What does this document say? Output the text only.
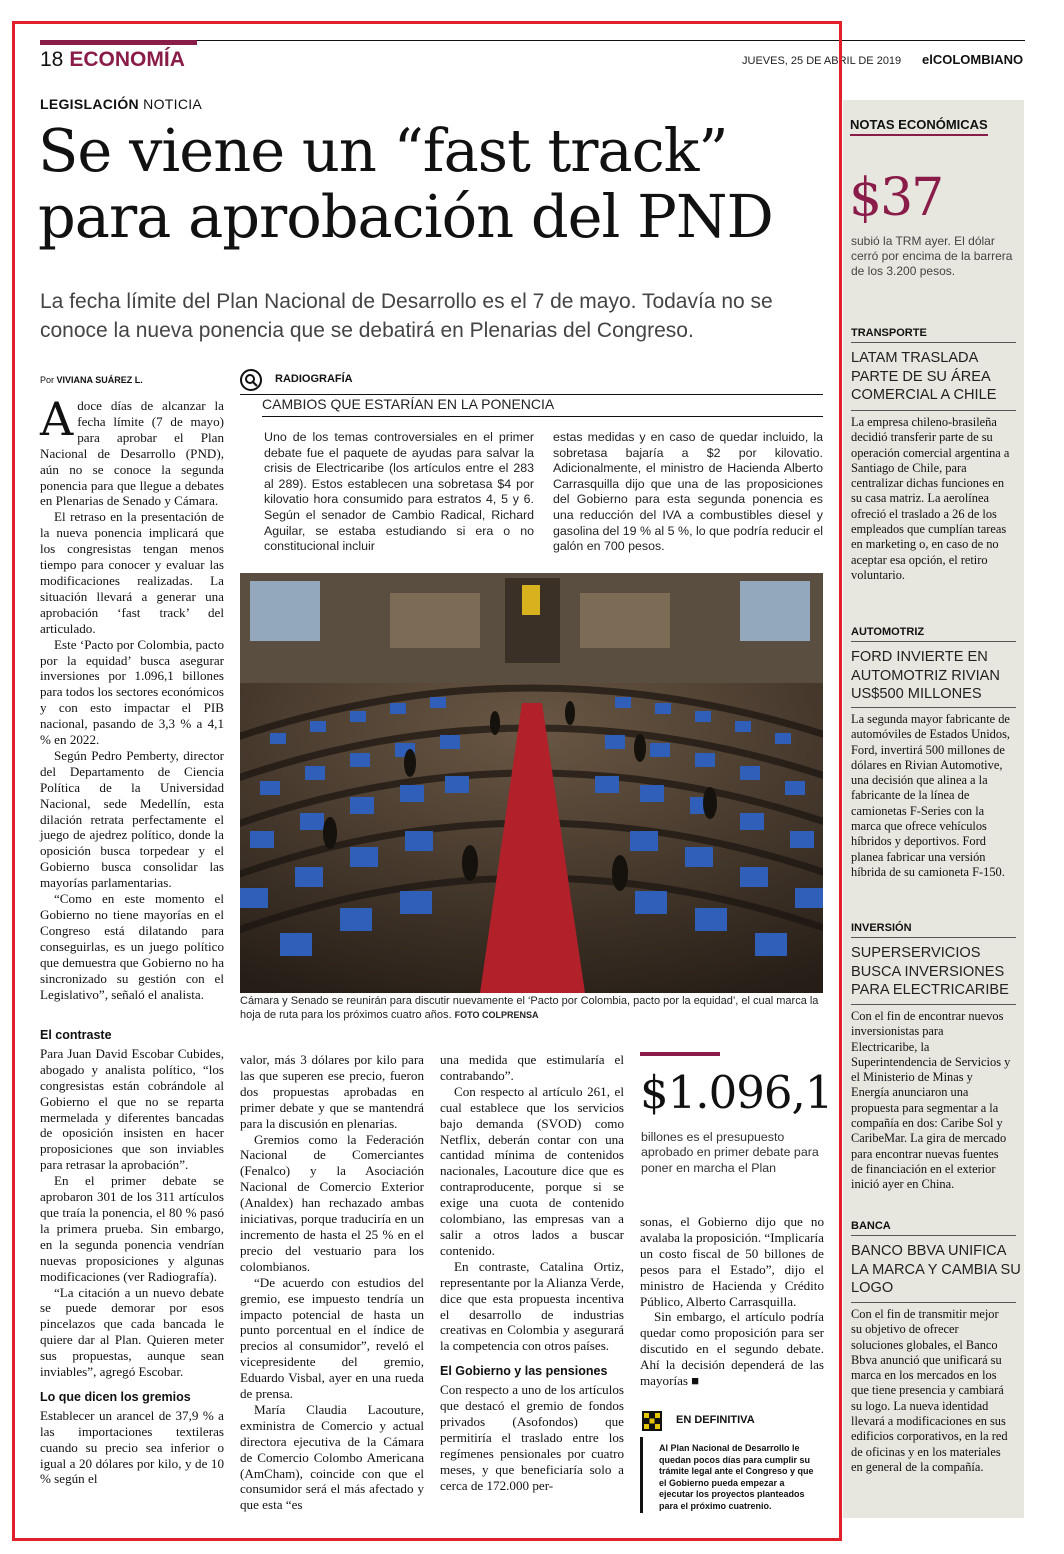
18 ECONOMÍA	JUEVES, 25 DE ABRIL DE 2019 elCOLOMBIANO
LEGISLACIÓN NOTICIA
Se viene un “fast track”
para aprobación del PND
La fecha límite del Plan Nacional de Desarrollo es el 7 de mayo. Todavía no se conoce la nueva ponencia que se debatirá en Plenarias del Congreso.
Por VIVIANA SUÁREZ L.

A doce días de alcanzar la fecha límite (7 de mayo) para aprobar el Plan Nacional de Desarrollo (PND), aún no se conoce la segunda ponencia para que llegue a debates en Plenarias de Senado y Cámara.

El retraso en la presentación de la nueva ponencia implicará que los congresistas tengan menos tiempo para conocer y evaluar las modificaciones realizadas. La situación llevará a generar una aprobación ‘fast track’ del articulado.

Este ‘Pacto por Colombia, pacto por la equidad’ busca asegurar inversiones por 1.096,1 billones para todos los sectores económicos y con esto impactar el PIB nacional, pasando de 3,3 % a 4,1 % en 2022.

Según Pedro Pemberty, director del Departamento de Ciencia Política de la Universidad Nacional, sede Medellín, esta dilación retrata perfectamente el juego de ajedrez político, donde la oposición busca torpedear y el Gobierno busca consolidar las mayorías parlamentarias.

“Como en este momento el Gobierno no tiene mayorías en el Congreso está dilatando para conseguirlas, es un juego político que demuestra que Gobierno no ha sincronizado su gestión con el Legislativo”, señaló el analista.

El contraste

Para Juan David Escobar Cubides, abogado y analista político, “los congresistas están cobrándole al Gobierno el que no se reparta mermelada y diferentes bancadas de oposición insisten en hacer proposiciones que son inviables para retrasar la aprobación”.

En el primer debate se aprobaron 301 de los 311 artículos que traía la ponencia, el 80 % pasó la primera prueba. Sin embargo, en la segunda ponencia vendrían nuevas proposiciones y algunas modificaciones (ver Radiografía).

“La citación a un nuevo debate se puede demorar por esos pincelazos que cada bancada le quiere dar al Plan. Quieren meter sus propuestas, aunque sean inviables”, agregó Escobar.

Lo que dicen los gremios

Establecer un arancel de 37,9 % a las importaciones textileras cuando su precio sea inferior o igual a 20 dólares por kilo, y de 10 % según el

valor, más 3 dólares por kilo para las que superen ese precio, fueron dos propuestas aprobadas en primer debate y que se mantendrá para la discusión en plenarias.

Gremios como la Federación Nacional de Comerciantes (Fenalco) y la Asociación Nacional de Comercio Exterior (Analdex) han rechazado ambas iniciativas, porque traduciría en un incremento de hasta el 25 % en el precio del vestuario para los colombianos.

“De acuerdo con estudios del gremio, ese impuesto tendría un impacto potencial de hasta un punto porcentual en el índice de precios al consumidor”, reveló el vicepresidente del gremio, Eduardo Visbal, ayer en una rueda de prensa.

María Claudia Lacouture, exministra de Comercio y actual directora ejecutiva de la Cámara de Comercio Colombo Americana (AmCham), coincide con que el consumidor será el más afectado y que esta “es

una medida que estimularía el contrabando”.

Con respecto al artículo 261, el cual establece que los servicios bajo demanda (SVOD) como Netflix, deberán contar con una cantidad mínima de contenidos nacionales, Lacouture dice que es contraproducente, porque si se exige una cuota de contenido colombiano, las empresas van a salir a otros lados a buscar contenido.

En contraste, Catalina Ortiz, representante por la Alianza Verde, dice que esta propuesta incentiva el desarrollo de industrias creativas en Colombia y asegurará la competencia con otros países.

El Gobierno y las pensiones

Con respecto a uno de los artículos que destacó el gremio de fondos privados (Asofondos) que permitiría el traslado entre los regímenes pensionales por cuatro meses, y que beneficiaría solo a cerca de 172.000 per-

sonas, el Gobierno dijo que no avalaba la proposición. “Implicaría un costo fiscal de 50 billones de pesos para el Estado”, dijo el ministro de Hacienda y Crédito Público, Alberto Carrasquilla.

Sin embargo, el artículo podría quedar como proposición para ser discutido en el segundo debate. Ahí la decisión dependerá de las mayorías ■

RADIOGRAFÍA
CAMBIOS QUE ESTARÍAN EN LA PONENCIA
Uno de los temas controversiales en el primer debate fue el paquete de ayudas para salvar la crisis de Electricaribe (los artículos entre el 283 al 289). Estos establecen una sobretasa $4 por kilovatio hora consumido para estratos 4, 5 y 6. Según el senador de Cambio Radical, Richard Aguilar, se estaba estudiando si era o no constitucional incluir
estas medidas y en caso de quedar incluido, la sobretasa bajaría a $2 por kilovatio. Adicionalmente, el ministro de Hacienda Alberto Carrasquilla dijo que una de las proposiciones del Gobierno para esta segunda ponencia es una reducción del IVA a combustibles diesel y gasolina del 19 % al 5 %, lo que podría reducir el galón en 700 pesos.
Cámara y Senado se reunirán para discutir nuevamente el ‘Pacto por Colombia, pacto por la equidad’, el cual marca la hoja de ruta para los próximos cuatro años. FOTO COLPRENSA
$1.096,1
billones es el presupuesto aprobado en primer debate para poner en marcha el Plan
EN DEFINITIVA
Al Plan Nacional de Desarrollo le quedan pocos días para cumplir su trámite legal ante el Congreso y que el Gobierno pueda empezar a ejecutar los proyectos planteados para el próximo cuatrenio.
NOTAS ECONÓMICAS
$37
subió la TRM ayer. El dólar cerró por encima de la barrera de los 3.200 pesos.
TRANSPORTE
LATAM TRASLADA PARTE DE SU ÁREA COMERCIAL A CHILE
La empresa chileno-brasileña decidió transferir parte de su operación comercial argentina a Santiago de Chile, para centralizar dichas funciones en su casa matriz. La aerolínea ofreció el traslado a 26 de los empleados que cumplían tareas en marketing o, en caso de no aceptar esa opción, el retiro voluntario.
AUTOMOTRIZ
FORD INVIERTE EN AUTOMOTRIZ RIVIAN US$500 MILLONES
La segunda mayor fabricante de automóviles de Estados Unidos, Ford, invertirá 500 millones de dólares en Rivian Automotive, una decisión que alinea a la fabricante de la línea de camionetas F-Series con la marca que ofrece vehículos híbridos y deportivos. Ford planea fabricar una versión híbrida de su camioneta F-150.
INVERSIÓN
SUPERSERVICIOS BUSCA INVERSIONES PARA ELECTRICARIBE
Con el fin de encontrar nuevos inversionistas para Electricaribe, la Superintendencia de Servicios y el Ministerio de Minas y Energía anunciaron una propuesta para segmentar a la compañía en dos: Caribe Sol y CaribeMar. La gira de mercado para encontrar nuevas fuentes de financiación en el exterior inició ayer en China.
BANCA
BANCO BBVA UNIFICA LA MARCA Y CAMBIA SU LOGO
Con el fin de transmitir mejor su objetivo de ofrecer soluciones globales, el Banco Bbva anunció que unificará su marca en los mercados en los que tiene presencia y cambiará su logo. La nueva identidad llevará a modificaciones en sus edificios corporativos, en la red de oficinas y en los materiales en general de la compañía.
